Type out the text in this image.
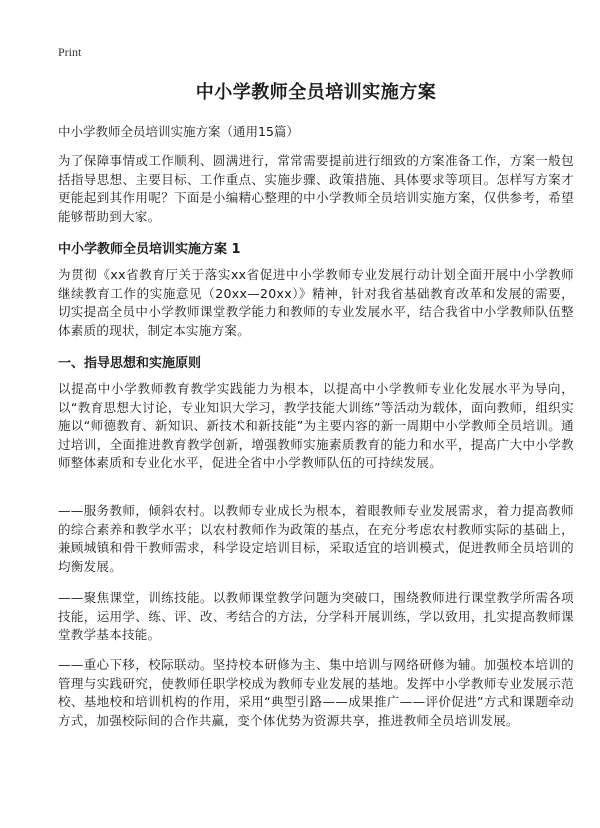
Print
中小学教师全员培训实施方案

中小学教师全员培训实施方案（通用15篇）

为了保障事情或工作顺利、圆满进行，常常需要提前进行细致的方案准备工作，方案一般包括指导思想、主要目标、工作重点、实施步骤、政策措施、具体要求等项目。怎样写方案才更能起到其作用呢？下面是小编精心整理的中小学教师全员培训实施方案，仅供参考，希望能够帮助到大家。

中小学教师全员培训实施方案 1

为贯彻《xx省教育厅关于落实xx省促进中小学教师专业发展行动计划全面开展中小学教师继续教育工作的实施意见（20xx—20xx）》精神，针对我省基础教育改革和发展的需要，切实提高全员中小学教师课堂教学能力和教师的专业发展水平，结合我省中小学教师队伍整体素质的现状，制定本实施方案。

一、指导思想和实施原则

以提高中小学教师教育教学实践能力为根本，以提高中小学教师专业化发展水平为导向，以“教育思想大讨论，专业知识大学习，教学技能大训练”等活动为载体，面向教师，组织实施以“师德教育、新知识、新技术和新技能”为主要内容的新一周期中小学教师全员培训。通过培训，全面推进教育教学创新，增强教师实施素质教育的能力和水平，提高广大中小学教师整体素质和专业化水平，促进全省中小学教师队伍的可持续发展。

——服务教师，倾斜农村。以教师专业成长为根本，着眼教师专业发展需求，着力提高教师的综合素养和教学水平；以农村教师作为政策的基点，在充分考虑农村教师实际的基础上，兼顾城镇和骨干教师需求，科学设定培训目标，采取适宜的培训模式，促进教师全员培训的均衡发展。

——聚焦课堂，训练技能。以教师课堂教学问题为突破口，围绕教师进行课堂教学所需各项技能，运用学、练、评、改、考结合的方法，分学科开展训练，学以致用，扎实提高教师课堂教学基本技能。

——重心下移，校际联动。坚持校本研修为主、集中培训与网络研修为辅。加强校本培训的管理与实践研究，使教师任职学校成为教师专业发展的基地。发挥中小学教师专业发展示范校、基地校和培训机构的作用，采用“典型引路——成果推广——评价促进”方式和课题牵动方式，加强校际间的合作共赢，变个体优势为资源共享，推进教师全员培训发展。
